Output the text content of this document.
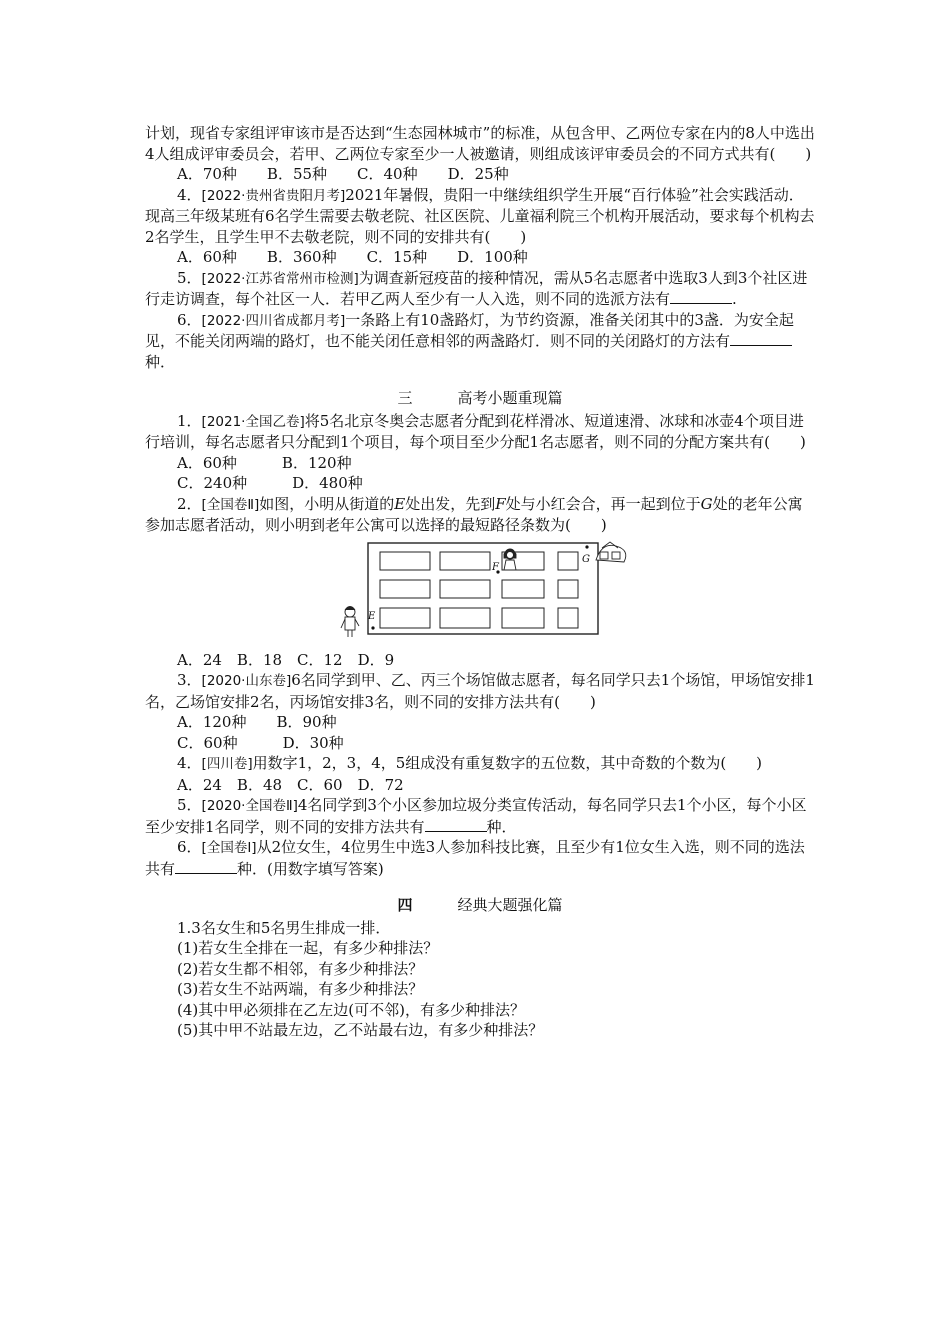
计划，现省专家组评审该市是否达到“生态园林城市”的标准，从包含甲、乙两位专家在内的8人中选出4人组成评审委员会，若甲、乙两位专家至少一人被邀请，则组成该评审委员会的不同方式共有(　　)

A．70种　　B．55种　　C．40种　　D．25种

4．[2022·贵州省贵阳月考]2021年暑假，贵阳一中继续组织学生开展“百行体验”社会实践活动．现高三年级某班有6名学生需要去敬老院、社区医院、儿童福利院三个机构开展活动，要求每个机构去2名学生，且学生甲不去敬老院，则不同的安排共有(　　)

A．60种　　B．360种　　C．15种　　D．100种

5．[2022·江苏省常州市检测]为调查新冠疫苗的接种情况，需从5名志愿者中选取3人到3个社区进行走访调查，每个社区一人．若甲乙两人至少有一人入选，则不同的选派方法有	.

6．[2022·四川省成都月考]一条路上有10盏路灯，为节约资源，准备关闭其中的3盏．为安全起见，不能关闭两端的路灯，也不能关闭任意相邻的两盏路灯．则不同的关闭路灯的方法有种．

三　　　	高考小题重现篇

1．[2021·全国乙卷]将5名北京冬奥会志愿者分配到花样滑冰、短道速滑、冰球和冰壶4个项目进行培训，每名志愿者只分配到1个项目，每个项目至少分配1名志愿者，则不同的分配方案共有(　　)

A．60种　　　B．120种

C．240种　　　D．480种

2．[全国卷Ⅱ]如图，小明从街道的E处出发，先到F处与小红会合，再一起到位于G处的老年公寓参加志愿者活动，则小明到老年公寓可以选择的最短路径条数为(　　)

E
F
G

A．24　B．18　C．12　D．9

3．[2020·山东卷]6名同学到甲、乙、丙三个场馆做志愿者，每名同学只去1个场馆，甲场馆安排1名，乙场馆安排2名，丙场馆安排3名，则不同的安排方法共有(　　)

A．120种　　B．90种

C．60种　　　D．30种

4．[四川卷]用数字1，2，3，4，5组成没有重复数字的五位数，其中奇数的个数为(　　)

A．24　B．48　C．60　D．72

5．[2020·全国卷Ⅱ]4名同学到3个小区参加垃圾分类宣传活动，每名同学只去1个小区，每个小区至少安排1名同学，则不同的安排方法共有	种．

6．[全国卷Ⅰ]从2位女生，4位男生中选3人参加科技比赛，且至少有1位女生入选，则不同的选法共有	种．(用数字填写答案)

四　　　	经典大题强化篇

1.3名女生和5名男生排成一排．

(1)若女生全排在一起，有多少种排法？

(2)若女生都不相邻，有多少种排法？

(3)若女生不站两端，有多少种排法？

(4)其中甲必须排在乙左边(可不邻)，有多少种排法？

(5)其中甲不站最左边，乙不站最右边，有多少种排法？
